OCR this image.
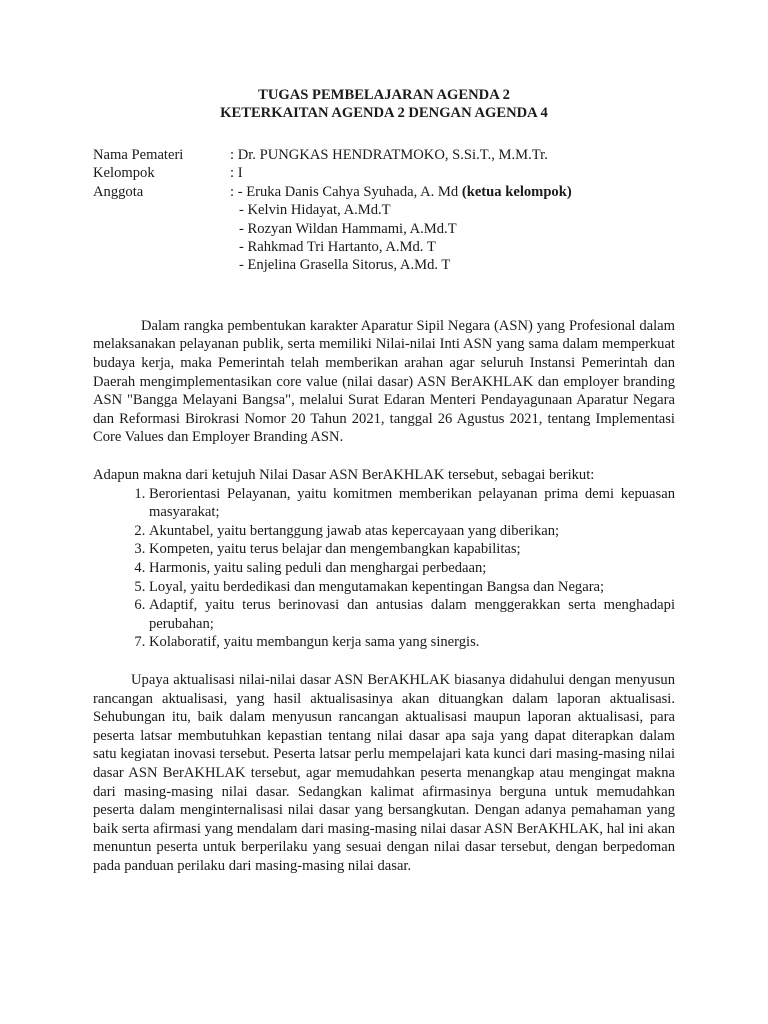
TUGAS PEMBELAJARAN AGENDA 2

KETERKAITAN AGENDA 2 DENGAN AGENDA 4

Nama Pemateri	: Dr. PUNGKAS HENDRATMOKO, S.Si.T., M.M.Tr.
Kelompok	: I
Anggota	: - Eruka Danis Cahya Syuhada, A. Md (ketua kelompok)
- Kelvin Hidayat, A.Md.T
- Rozyan Wildan Hammami, A.Md.T
- Rahkmad Tri Hartanto, A.Md. T
- Enjelina Grasella Sitorus, A.Md. T

Dalam rangka pembentukan karakter Aparatur Sipil Negara (ASN) yang Profesional dalam melaksanakan pelayanan publik, serta memiliki Nilai-nilai Inti ASN yang sama dalam memperkuat budaya kerja, maka Pemerintah telah memberikan arahan agar seluruh Instansi Pemerintah dan Daerah mengimplementasikan core value (nilai dasar) ASN BerAKHLAK dan employer branding ASN "Bangga Melayani Bangsa", melalui Surat Edaran Menteri Pendayagunaan Aparatur Negara dan Reformasi Birokrasi Nomor 20 Tahun 2021, tanggal 26 Agustus 2021, tentang Implementasi Core Values dan Employer Branding ASN.

Adapun makna dari ketujuh Nilai Dasar ASN BerAKHLAK tersebut, sebagai berikut:

1. Berorientasi Pelayanan, yaitu komitmen memberikan pelayanan prima demi kepuasan masyarakat;
2. Akuntabel, yaitu bertanggung jawab atas kepercayaan yang diberikan;
3. Kompeten, yaitu terus belajar dan mengembangkan kapabilitas;
4. Harmonis, yaitu saling peduli dan menghargai perbedaan;
5. Loyal, yaitu berdedikasi dan mengutamakan kepentingan Bangsa dan Negara;
6. Adaptif, yaitu terus berinovasi dan antusias dalam menggerakkan serta menghadapi perubahan;
7. Kolaboratif, yaitu membangun kerja sama yang sinergis.

Upaya aktualisasi nilai-nilai dasar ASN BerAKHLAK biasanya didahului dengan menyusun rancangan aktualisasi, yang hasil aktualisasinya akan dituangkan dalam laporan aktualisasi. Sehubungan itu, baik dalam menyusun rancangan aktualisasi maupun laporan aktualisasi, para peserta latsar membutuhkan kepastian tentang nilai dasar apa saja yang dapat diterapkan dalam satu kegiatan inovasi tersebut. Peserta latsar perlu mempelajari kata kunci dari masing-masing nilai dasar ASN BerAKHLAK tersebut, agar memudahkan peserta menangkap atau mengingat makna dari masing-masing nilai dasar. Sedangkan kalimat afirmasinya berguna untuk memudahkan peserta dalam menginternalisasi nilai dasar yang bersangkutan. Dengan adanya pemahaman yang baik serta afirmasi yang mendalam dari masing-masing nilai dasar ASN BerAKHLAK, hal ini akan menuntun peserta untuk berperilaku yang sesuai dengan nilai dasar tersebut, dengan berpedoman pada panduan perilaku dari masing-masing nilai dasar.
